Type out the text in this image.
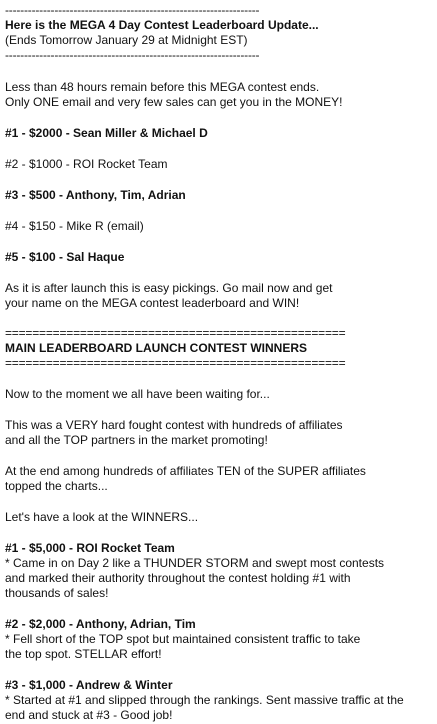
-------------------------------------------------------------------
Here is the MEGA 4 Day Contest Leaderboard Update...
(Ends Tomorrow January 29 at Midnight EST)
-------------------------------------------------------------------
Less than 48 hours remain before this MEGA contest ends.
Only ONE email and very few sales can get you in the MONEY!
#1 - $2000 - Sean Miller & Michael D
#2 - $1000 - ROI Rocket Team
#3 - $500 - Anthony, Tim, Adrian
#4 - $150 - Mike R (email)
#5 - $100 - Sal Haque
As it is after launch this is easy pickings. Go mail now and get
your name on the MEGA contest leaderboard and WIN!
==================================================
MAIN LEADERBOARD LAUNCH CONTEST WINNERS
==================================================
Now to the moment we all have been waiting for...
This was a VERY hard fought contest with hundreds of affiliates
and all the TOP partners in the market promoting!
At the end among hundreds of affiliates TEN of the SUPER affiliates
topped the charts...
Let's have a look at the WINNERS...
#1 - $5,000 - ROI Rocket Team
* Came in on Day 2 like a THUNDER STORM and swept most contests
and marked their authority throughout the contest holding #1 with
thousands of sales!
#2 - $2,000 - Anthony, Adrian, Tim
* Fell short of the TOP spot but maintained consistent traffic to take
the top spot. STELLAR effort!
#3 - $1,000 - Andrew & Winter
* Started at #1 and slipped through the rankings. Sent massive traffic at the
end and stuck at #3 - Good job!
